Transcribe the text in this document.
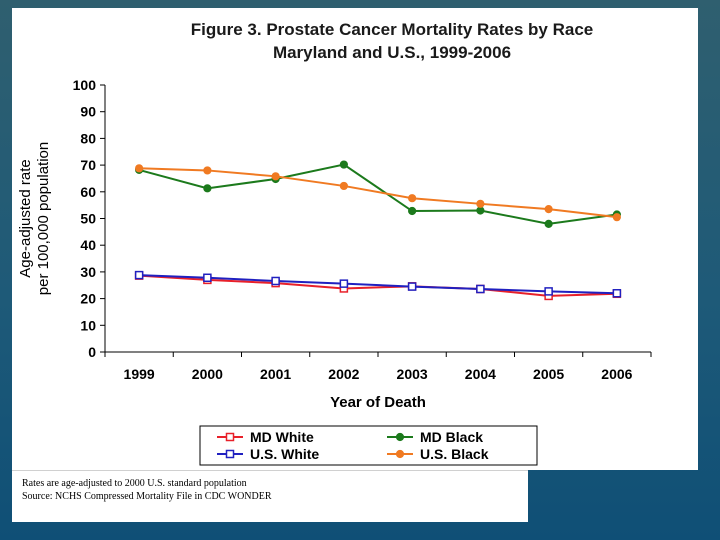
Figure 3. Prostate Cancer Mortality Rates by Race
Maryland and U.S., 1999-2006
0
10
20
30
40
50
60
70
80
90
100
1999	2000	2001	2002	2003	2004	2005	2006
Year of Death
Age-adjusted rate per 100,000 population
MD White	MD Black
U.S. White	U.S. Black
Rates are age-adjusted to 2000 U.S. standard population
Source: NCHS Compressed Mortality File in CDC WONDER
